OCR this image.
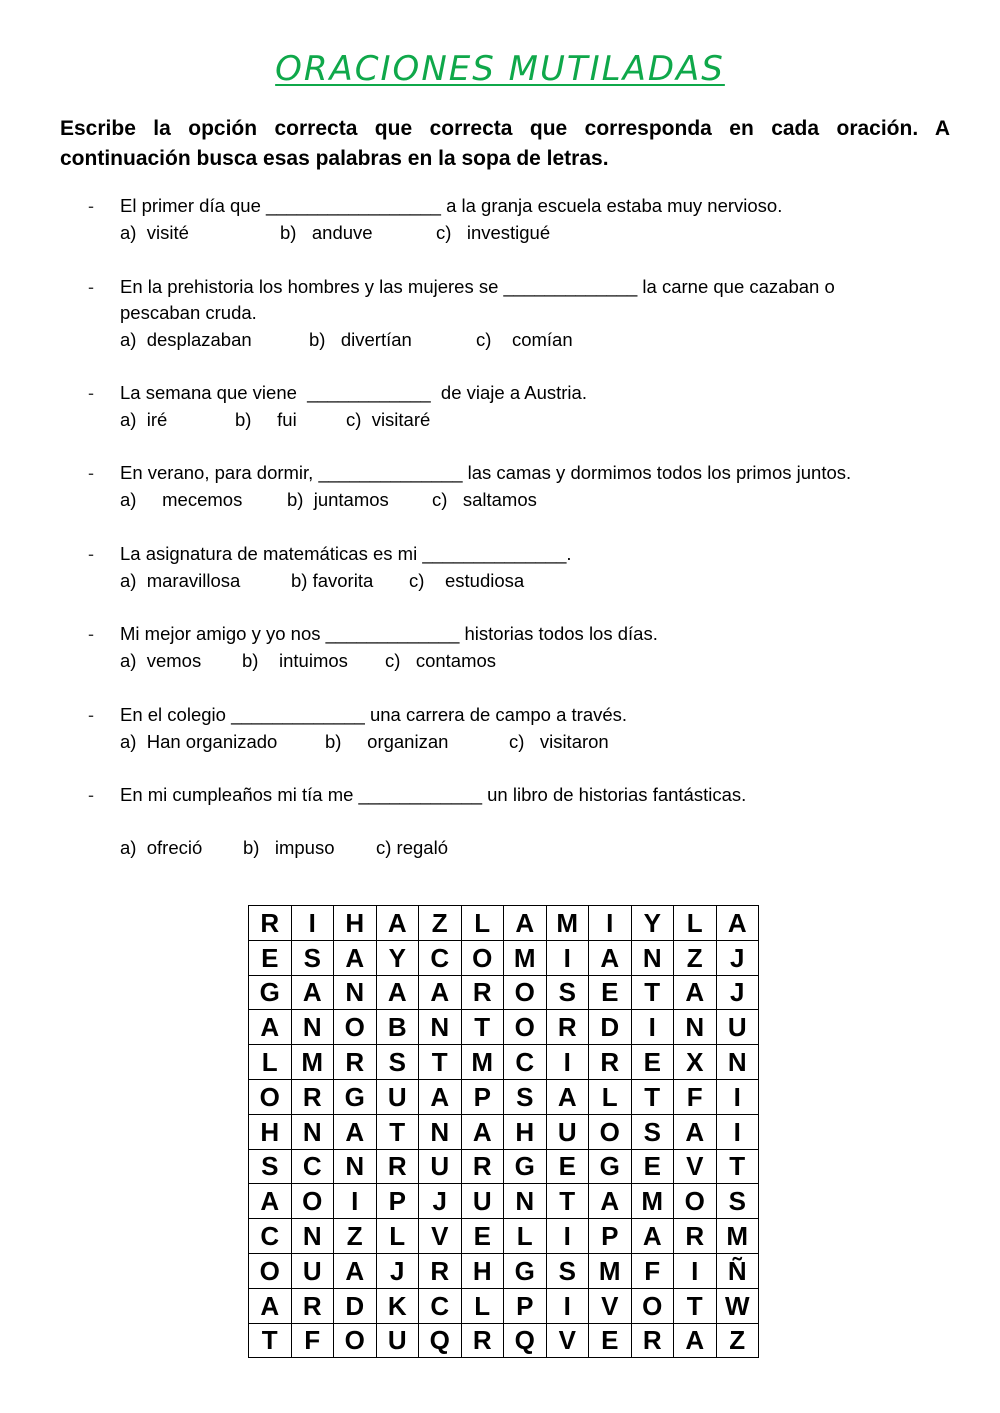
ORACIONES MUTILADAS
Escribe la opción correcta que correcta que corresponda en cada oración. A continuación busca esas palabras en la sopa de letras.
- El primer día que _________________ a la granja escuela estaba muy nervioso.

a)  visité

	b)   anduve

	c)   investigué

- En la prehistoria los hombres y las mujeres se _____________ la carne que cazaban o pescaban cruda.

a)  desplazaban

	b)   divertían

	c)    comían

- La semana que viene  ____________  de viaje a Austria.

a)  iré

	b)     fui

	c)  visitaré

- En verano, para dormir, ______________ las camas y dormimos todos los primos juntos.

a)     mecemos

b)  juntamos

c)   saltamos

- La asignatura de matemáticas es mi ______________.

a)  maravillosa

	b) favorita

c)    estudiosa

- Mi mejor amigo y yo nos _____________ historias todos los días.

a)  vemos

b)    intuimos

c)   contamos

- En el colegio _____________ una carrera de campo a través.

a)  Han organizado

	b)     organizan

	c)   visitaron

- En mi cumpleaños mi tía me ____________ un libro de historias fantásticas.

a)  ofreció

b)   impuso

c) regaló

R	I	H	A	Z	L	A	M	I	Y	L	A
E	S	A	Y	C	O	M	I	A	N	Z	J
G	A	N	A	A	R	O	S	E	T	A	J
A	N	O	B	N	T	O	R	D	I	N	U
L	M	R	S	T	M	C	I	R	E	X	N
O	R	G	U	A	P	S	A	L	T	F	I
H	N	A	T	N	A	H	U	O	S	A	I
S	C	N	R	U	R	G	E	G	E	V	T
A	O	I	P	J	U	N	T	A	M	O	S
C	N	Z	L	V	E	L	I	P	A	R	M
O	U	A	J	R	H	G	S	M	F	I	Ñ
A	R	D	K	C	L	P	I	V	O	T	W
T	F	O	U	Q	R	Q	V	E	R	A	Z
